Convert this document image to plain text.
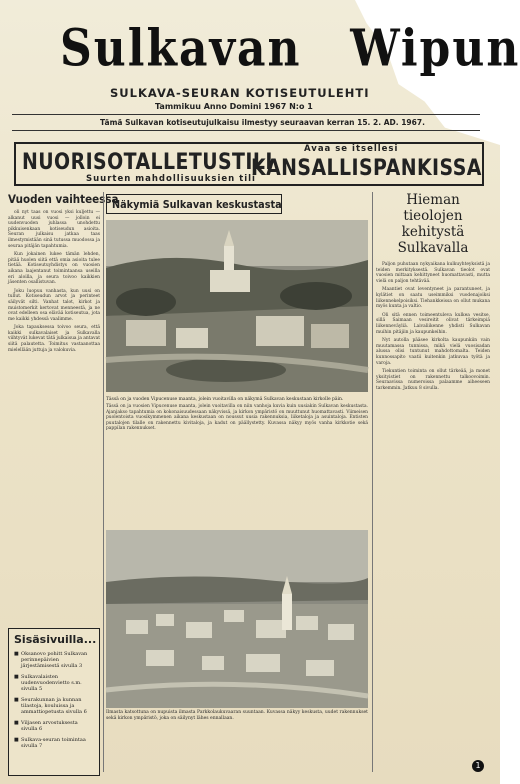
Sulkavan Wipun
SULKAVA-SEURAN KOTISEUTULEHTI
Tammikuu Anno Domini 1967 N:o 1
Tämä Sulkavan kotiseutujulkaisu ilmestyy seuraavan kerran 15. 2. AD. 1967.
NUORISOTALLETUSTILI
Suurten mahdollisuuksien tili
Avaa se itsellesi
KANSALLISPANKISSA
Vuoden vaihteessa

oli nyt taas on vuosi yksi kuljettu — alkanut uusi vuosi — jolloin ei uudenvuoden juhlassa unohdettu pikkuisenkaan kotiseudun asioita. Seuran julkaisu jatkaa taas ilmestymistään sinä tutussa muodossa ja seuraa pitäjän tapahtumia.

Kun jokainen lukee tämän lehden, pitää huolen siitä että omia asioita tulee tietää. Kotiseutuyhdistys on vuosien aikana laajentanut toimintaansa useilla eri aloilla, ja seura toivoo kaikkien jäsenten osallistuvan.

Joku luopuu vanhasta, kun uusi on tullut. Kotiseudun arvot ja perinteet säilyvät silti. Vanhat talot, kirkot ja muistomerkit kertovat menneestä, ja ne ovat edelleen osa elävää kotiseutua, jota me kaikki yhdessä vaalimme.

Joka tapauksessa toivoo seura, että kaikki sulkavalaiset ja Sulkavalla viihtyvät lukevat tätä julkaisua ja antavat siitä palautetta. Toimitus vastaanottaa mielellään juttuja ja valokuvia.

Näkymiä Sulkavan keskustasta
Tässä on ja vuoden Vipucenuse maanta, jolein vuoitavilla on näkymä Sulkavan keskustaan kirkolle päin.
Tässä on ja vuosien Vipucenuse maanta, jolein vuoitavilla on niin vanhoja kuvia kuin uusiakin Sulkavan keskustasta. Ajanjakso tapahtumia on kokonaisuudessaan näkyvissä, ja kirkon ympäristö on muuttunut huomattavasti. Viimeisen puolentoista vuosikymmenen aikana keskustaan on noussut uusia rakennuksia, liiketaloja ja asuintaloja. Entisten puutalojen tilalle on rakennettu kivitaloja, ja kadut on päällystetty. Kuvassa näkyy myös vanha kirkkotie sekä pappilan rakennukset.
Ilmasta katsottuna on nupuista ilmasta Parkkolaukuvaaran suuntaan. Kuvassa näkyy keskusta, uudet rakennukset sekä kirkon ympäristö, joka on säilynyt lähes ennallaan.
Hieman tieolojen kehitystä Sulkavalla

Paljon puhutaan nykyaikana kulkuyhteyksistä ja teiden merkityksestä. Sulkavan tieolot ovat vuosien mittaan kehittyneet huomattavasti, mutta vielä on paljon tehtävää.

Maantiet ovat leventyneet ja parantuneet, ja kylätiet on saatu useimmiksi vuodenajoiksi liikennekelpoisiksi. Tiehankkeissa on ollut mukana myös kunta ja valtio.

Oli sitä ennen toimeentuleva kulkea vesitse, sillä Saimaan vesireitit olivat tärkeimpiä liikenneväyliä. Laivaliikenne yhdisti Sulkavan muihin pitäjiin ja kaupunkeihin.

Nyt autolla pääsee kirkolta kaupunkiin vain muutamassa tunnissa, mikä vielä vuosisadan alussa olisi tuntunut mahdottomalta. Teiden kunnossapito vaatii kuitenkin jatkuvaa työtä ja varoja.

Tiekuntien toiminta on ollut tärkeää, ja monet yksityistiet on rakennettu talkoovoimin. Seuraavissa numeroissa palaamme aiheeseen tarkemmin. Jatkuu 8 sivulla.

Sisäsivuilla...
■ Oksanovo pohitt Sulkavan perinnepäivien järjestämisestä sivulla 3
■ Sulkavalaisten uudenvuodenvietto s.m. sivulla 5
■ Seurakunnan ja kunnan tilastoja, kouluissa ja ammattiopetusta sivulla 6
■ Viljasen arvostuksesta sivulla 6
■ Sulkava-seuran toimintaa sivulla 7
1
